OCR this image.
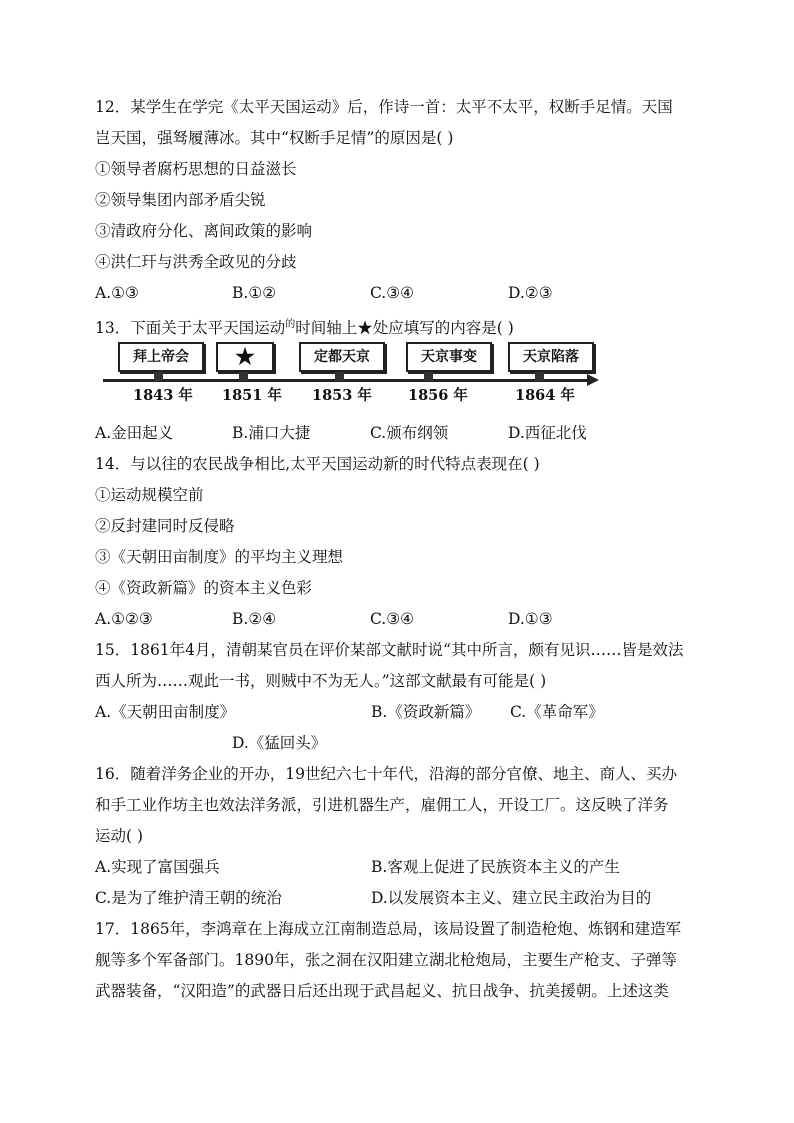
12．某学生在学完《太平天国运动》后，作诗一首：太平不太平，权断手足情。天国
岂天国，强驽履薄冰。其中“权断手足情”的原因是( )
①领导者腐朽思想的日益滋长
②领导集团内部矛盾尖锐
③清政府分化、离间政策的影响
④洪仁玕与洪秀全政见的分歧
A.①③	B.①②	C.③④	D.②③
13．下面关于太平天国运动$^的$时间轴上★处应填写的内容是( )
拜上帝会	★	定都天京	天京事变	天京陷落
1843 年 1851 年 1853 年 1856 年	1864 年
A.金田起义	B.浦口大捷	C.颁布纲领	D.西征北伐
14．与以往的农民战争相比,太平天国运动新的时代特点表现在( )
①运动规模空前
②反封建同时反侵略
③《天朝田亩制度》的平均主义理想
④《资政新篇》的资本主义色彩
A.①②③	B.②④	C.③④	D.①③
15．1861年4月，清朝某官员在评价某部文献时说“其中所言，颇有见识……皆是效法
西人所为……观此一书，则贼中不为无人。”这部文献最有可能是( )
A.《天朝田亩制度》	B.《资政新篇》 C.《革命军》
D.《猛回头》
16．随着洋务企业的开办，19世纪六七十年代，沿海的部分官僚、地主、商人、买办
和手工业作坊主也效法洋务派，引进机器生产，雇佣工人，开设工厂。这反映了洋务
运动( )
A.实现了富国强兵	B.客观上促进了民族资本主义的产生
C.是为了维护清王朝的统治	D.以发展资本主义、建立民主政治为目的
17．1865年，李鸿章在上海成立江南制造总局，该局设置了制造枪炮、炼钢和建造军
舰等多个军备部门。1890年，张之洞在汉阳建立湖北枪炮局，主要生产枪支、子弹等
武器装备，“汉阳造”的武器日后还出现于武昌起义、抗日战争、抗美援朝。上述这类
